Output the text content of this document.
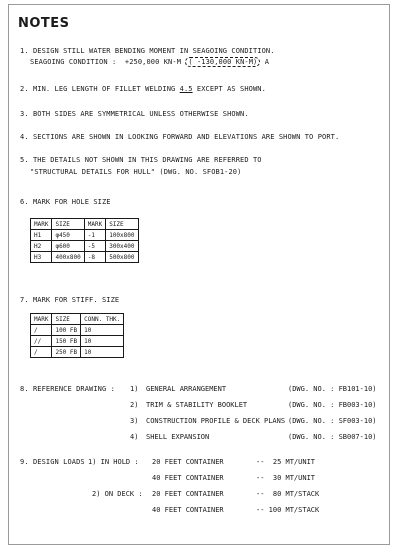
NOTES
1. DESIGN STILL WATER BENDING MOMENT IN SEAGOING CONDITION.
SEAGOING CONDITION :  +250,000 KN-M ( -130,000 KN-M) A
2. MIN. LEG LENGTH OF FILLET WELDING 4.5 EXCEPT AS SHOWN.
3. BOTH SIDES ARE SYMMETRICAL UNLESS OTHERWISE SHOWN.
4. SECTIONS ARE SHOWN IN LOOKING FORWARD AND ELEVATIONS ARE SHOWN TO PORT.
5. THE DETAILS NOT SHOWN IN THIS DRAWING ARE REFERRED TO
"STRUCTURAL DETAILS FOR HULL" (DWG. NO. SFOB1-20)
6. MARK FOR HOLE SIZE
MARK	SIZE	MARK	SIZE
H1	φ450	-1	100x800
H2	φ600	-5	300x400
H3	400x800	-8	500x800
7. MARK FOR STIFF. SIZE
MARK	SIZE	CONN. THK.
/	100 FB	10
//	150 FB	10
/	250 FB	10
8. REFERENCE DRAWING : 1) GENERAL ARRANGEMENT	(DWG. NO. : FB101-10)
2) TRIM & STABILITY BOOKLET	(DWG. NO. : FB003-10)
3) CONSTRUCTION PROFILE & DECK PLANS (DWG. NO. : SF003-10)
4) SHELL EXPANSION	(DWG. NO. : SB007-10)
9. DESIGN LOADS 1) IN HOLD : 20 FEET CONTAINER	--  25 MT/UNIT
40 FEET CONTAINER	--  30 MT/UNIT
2) ON DECK : 20 FEET CONTAINER	--  80 MT/STACK
40 FEET CONTAINER	-- 100 MT/STACK
